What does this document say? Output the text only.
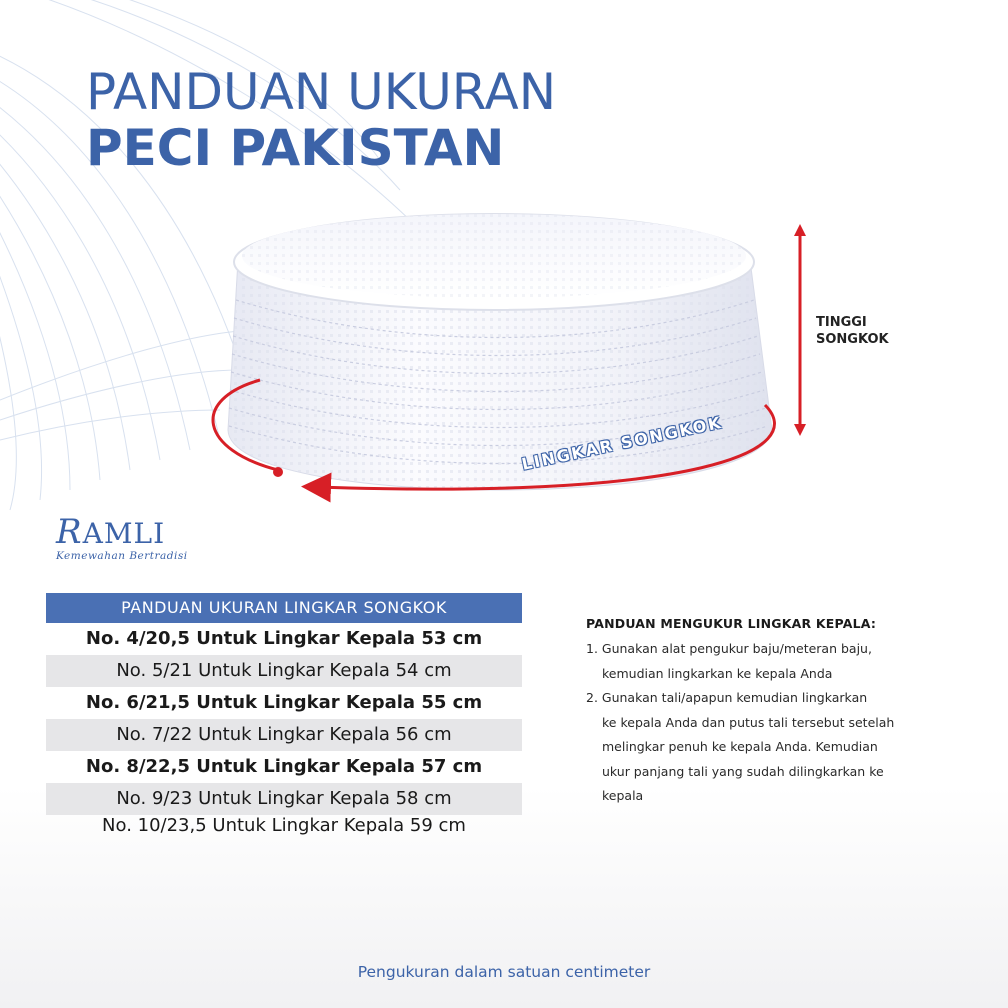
PANDUAN UKURAN
PECI PAKISTAN
TINGGI
SONGKOK
LINGKAR SONGKOK
RAMLI
Kemewahan Bertradisi
PANDUAN UKURAN LINGKAR SONGKOK
No. 4/20,5 Untuk Lingkar Kepala 53 cm
No. 5/21 Untuk Lingkar Kepala 54 cm
No. 6/21,5 Untuk Lingkar Kepala 55 cm
No. 7/22 Untuk Lingkar Kepala 56 cm
No. 8/22,5 Untuk Lingkar Kepala 57 cm
No. 9/23 Untuk Lingkar Kepala 58 cm
No. 10/23,5 Untuk Lingkar Kepala 59 cm
PANDUAN MENGUKUR LINGKAR KEPALA:
1. Gunakan alat pengukur baju/meteran baju,
kemudian lingkarkan ke kepala Anda
2. Gunakan tali/apapun kemudian lingkarkan
ke kepala Anda dan putus tali tersebut setelah
melingkar penuh ke kepala Anda. Kemudian
ukur panjang tali yang sudah dilingkarkan ke
kepala
Pengukuran dalam satuan centimeter
